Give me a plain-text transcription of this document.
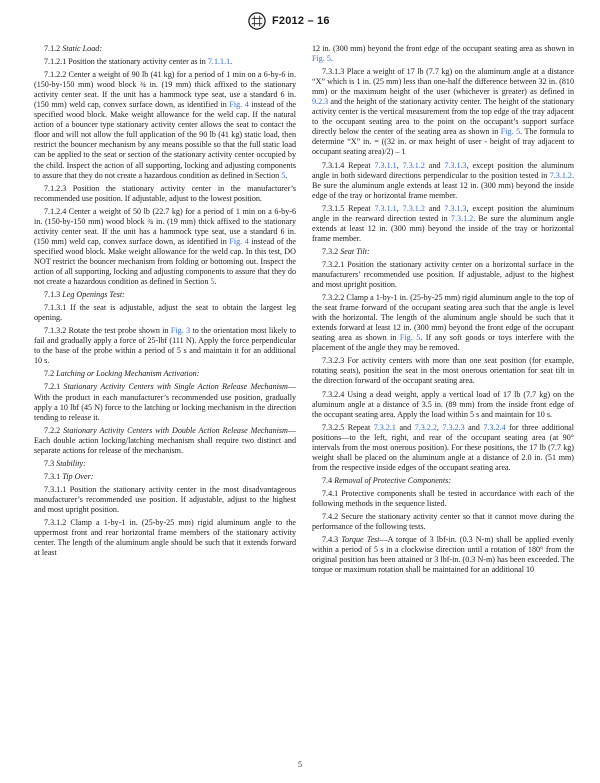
F2012 – 16

7.1.2 Static Load:

7.1.2.1 Position the stationary activity center as in 7.1.1.1.

7.1.2.2 Center a weight of 90 lb (41 kg) for a period of 1 min on a 6-by-6 in. (150-by-150 mm) wood block ¾ in. (19 mm) thick affixed to the stationary activity center seat. If the unit has a hammock type seat, use a standard 6 in. (150 mm) weld cap, convex surface down, as identified in Fig. 4 instead of the specified wood block. Make weight allowance for the weld cap. If the natural action of a bouncer type stationary activity center allows the seat to contact the floor and will not allow the full application of the 90 lb (41 kg) static load, then restrict the bouncer mechanism by any means possible so that the full static load can be applied to the seat or section of the stationary activity center occupied by the child. Inspect the action of all supporting, locking and adjusting components to assure that they do not create a hazardous condition as defined in Section 5.

7.1.2.3 Position the stationary activity center in the manufacturer’s recommended use position. If adjustable, adjust to the lowest position.

7.1.2.4 Center a weight of 50 lb (22.7 kg) for a period of 1 min on a 6-by-6 in. (150-by-150 mm) wood block ¾ in. (19 mm) thick affixed to the stationary activity center seat. If the unit has a hammock type seat, use a standard 6 in. (150 mm) weld cap, convex surface down, as identified in Fig. 4 instead of the specified wood block. Make weight allowance for the weld cap. In this test, DO NOT restrict the bouncer mechanism from folding or bottoming out. Inspect the action of all supporting, locking and adjusting components to assure that they do not create a hazardous condition as defined in Section 5.

7.1.3 Leg Openings Test:

7.1.3.1 If the seat is adjustable, adjust the seat to obtain the largest leg opening.

7.1.3.2 Rotate the test probe shown in Fig. 3 to the orientation most likely to fail and gradually apply a force of 25-lbf (111 N). Apply the force perpendicular to the base of the probe within a period of 5 s and maintain it for an additional 10 s.

7.2 Latching or Locking Mechanism Activation:

7.2.1 Stationary Activity Centers with Single Action Release Mechanism—With the product in each manufacturer’s recommended use position, gradually apply a 10 lbf (45 N) force to the latching or locking mechanism in the direction tending to release it.

7.2.2 Stationary Activity Centers with Double Action Release Mechanism—Each double action locking/latching mechanism shall require two distinct and separate actions for release of the mechanism.

7.3 Stability:

7.3.1 Tip Over:

7.3.1.1 Position the stationary activity center in the most disadvantageous manufacturer’s recommended use position. If adjustable, adjust to the highest and most upright position.

7.3.1.2 Clamp a 1-by-1 in. (25-by-25 mm) rigid aluminum angle to the uppermost front and rear horizontal frame members of the stationary activity center. The length of the aluminum angle should be such that it extends forward at least

12 in. (300 mm) beyond the front edge of the occupant seating area as shown in Fig. 5.

7.3.1.3 Place a weight of 17 lb (7.7 kg) on the aluminum angle at a distance “X” which is 1 in. (25 mm) less than one-half the difference between 32 in. (810 mm) or the maximum height of the user (whichever is greater) as defined in 9.2.3 and the height of the stationary activity center. The height of the stationary activity center is the vertical measurement from the top edge of the tray adjacent to the occupant seating area to the point on the occupant’s support surface directly below the center of the seating area as shown in Fig. 5. The formula to determine “X” in. = ((32 in. or max height of user - height of tray adjacent to occupant seating area)/2) – 1

7.3.1.4 Repeat 7.3.1.1, 7.3.1.2 and 7.3.1.3, except position the aluminum angle in both sideward directions perpendicular to the position tested in 7.3.1.2. Be sure the aluminum angle extends at least 12 in. (300 mm) beyond the inside edge of the tray or horizontal frame member.

7.3.1.5 Repeat 7.3.1.1, 7.3.1.2 and 7.3.1.3, except position the aluminum angle in the rearward direction tested in 7.3.1.2. Be sure the aluminum angle extends at least 12 in. (300 mm) beyond the inside of the tray or horizontal frame member.

7.3.2 Seat Tilt:

7.3.2.1 Position the stationary activity center on a horizontal surface in the manufacturers’ recommended use position. If adjustable, adjust to the highest and most upright position.

7.3.2.2 Clamp a 1-by-1 in. (25-by-25 mm) rigid aluminum angle to the top of the seat frame forward of the occupant seating area such that the angle is level with the horizontal. The length of the aluminum angle should be such that it extends forward at least 12 in. (300 mm) beyond the front edge of the occupant seating area as shown in Fig. 5. If any soft goods or toys interfere with the placement of the angle they may be removed.

7.3.2.3 For activity centers with more than one seat position (for example, rotating seats), position the seat in the most onerous orientation for seat tilt in the direction forward of the occupant seating area.

7.3.2.4 Using a dead weight, apply a vertical load of 17 lb (7.7 kg) on the aluminum angle at a distance of 3.5 in. (89 mm) from the inside front edge of the occupant seating area. Apply the load within 5 s and maintain for 10 s.

7.3.2.5 Repeat 7.3.2.1 and 7.3.2.2, 7.3.2.3 and 7.3.2.4 for three additional positions—to the left, right, and rear of the occupant seating area (at 90° intervals from the most onerous position). For these positions, the 17 lb (7.7 kg) weight shall be placed on the aluminum angle at a distance of 2.0 in. (51 mm) from the respective inside edges of the occupant seating area.

7.4 Removal of Protective Components:

7.4.1 Protective components shall be tested in accordance with each of the following methods in the sequence listed.

7.4.2 Secure the stationary activity center so that it cannot move during the performance of the following tests.

7.4.3 Torque Test—A torque of 3 lbf-in. (0.3 N-m) shall be applied evenly within a period of 5 s in a clockwise direction until a rotation of 180° from the original position has been attained or 3 lbf-in. (0.3 N-m) has been exceeded. The torque or maximum rotation shall be maintained for an additional 10

5
